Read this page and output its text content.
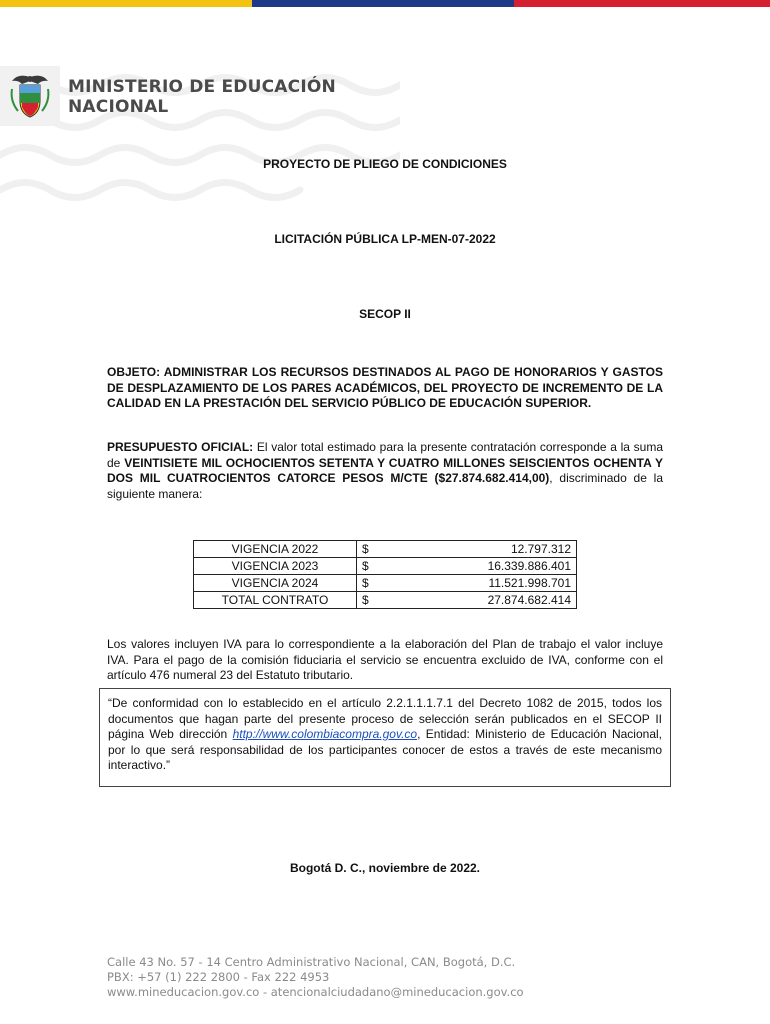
MINISTERIO DE EDUCACIÓN
NACIONAL
PROYECTO DE PLIEGO DE CONDICIONES
LICITACIÓN PÚBLICA LP-MEN-07-2022
SECOP II
OBJETO: ADMINISTRAR LOS RECURSOS DESTINADOS AL PAGO DE HONORARIOS Y GASTOS DE DESPLAZAMIENTO DE LOS PARES ACADÉMICOS, DEL PROYECTO DE INCREMENTO DE LA CALIDAD EN LA PRESTACIÓN DEL SERVICIO PÚBLICO DE EDUCACIÓN SUPERIOR.
PRESUPUESTO OFICIAL: El valor total estimado para la presente contratación corresponde a la suma de VEINTISIETE MIL OCHOCIENTOS SETENTA Y CUATRO MILLONES SEISCIENTOS OCHENTA Y DOS MIL CUATROCIENTOS CATORCE PESOS M/CTE ($27.874.682.414,00), discriminado de la siguiente manera:
VIGENCIA 2022	$	12.797.312
VIGENCIA 2023	$	16.339.886.401
VIGENCIA 2024	$	11.521.998.701
TOTAL CONTRATO	$	27.874.682.414
Los valores incluyen IVA para lo correspondiente a la elaboración del Plan de trabajo el valor incluye IVA. Para el pago de la comisión fiduciaria el servicio se encuentra excluido de IVA, conforme con el artículo 476 numeral 23 del Estatuto tributario.
“De conformidad con lo establecido en el artículo 2.2.1.1.1.7.1 del Decreto 1082 de 2015, todos los documentos que hagan parte del presente proceso de selección serán publicados en el SECOP II página Web dirección http://www.colombiacompra.gov.co, Entidad: Ministerio de Educación Nacional, por lo que será responsabilidad de los participantes conocer de estos a través de este mecanismo interactivo.”
Bogotá D. C., noviembre de 2022.
Calle 43 No. 57 - 14 Centro Administrativo Nacional, CAN, Bogotá, D.C.
PBX: +57 (1) 222 2800 - Fax 222 4953
www.mineducacion.gov.co - atencionalciudadano@mineducacion.gov.co
